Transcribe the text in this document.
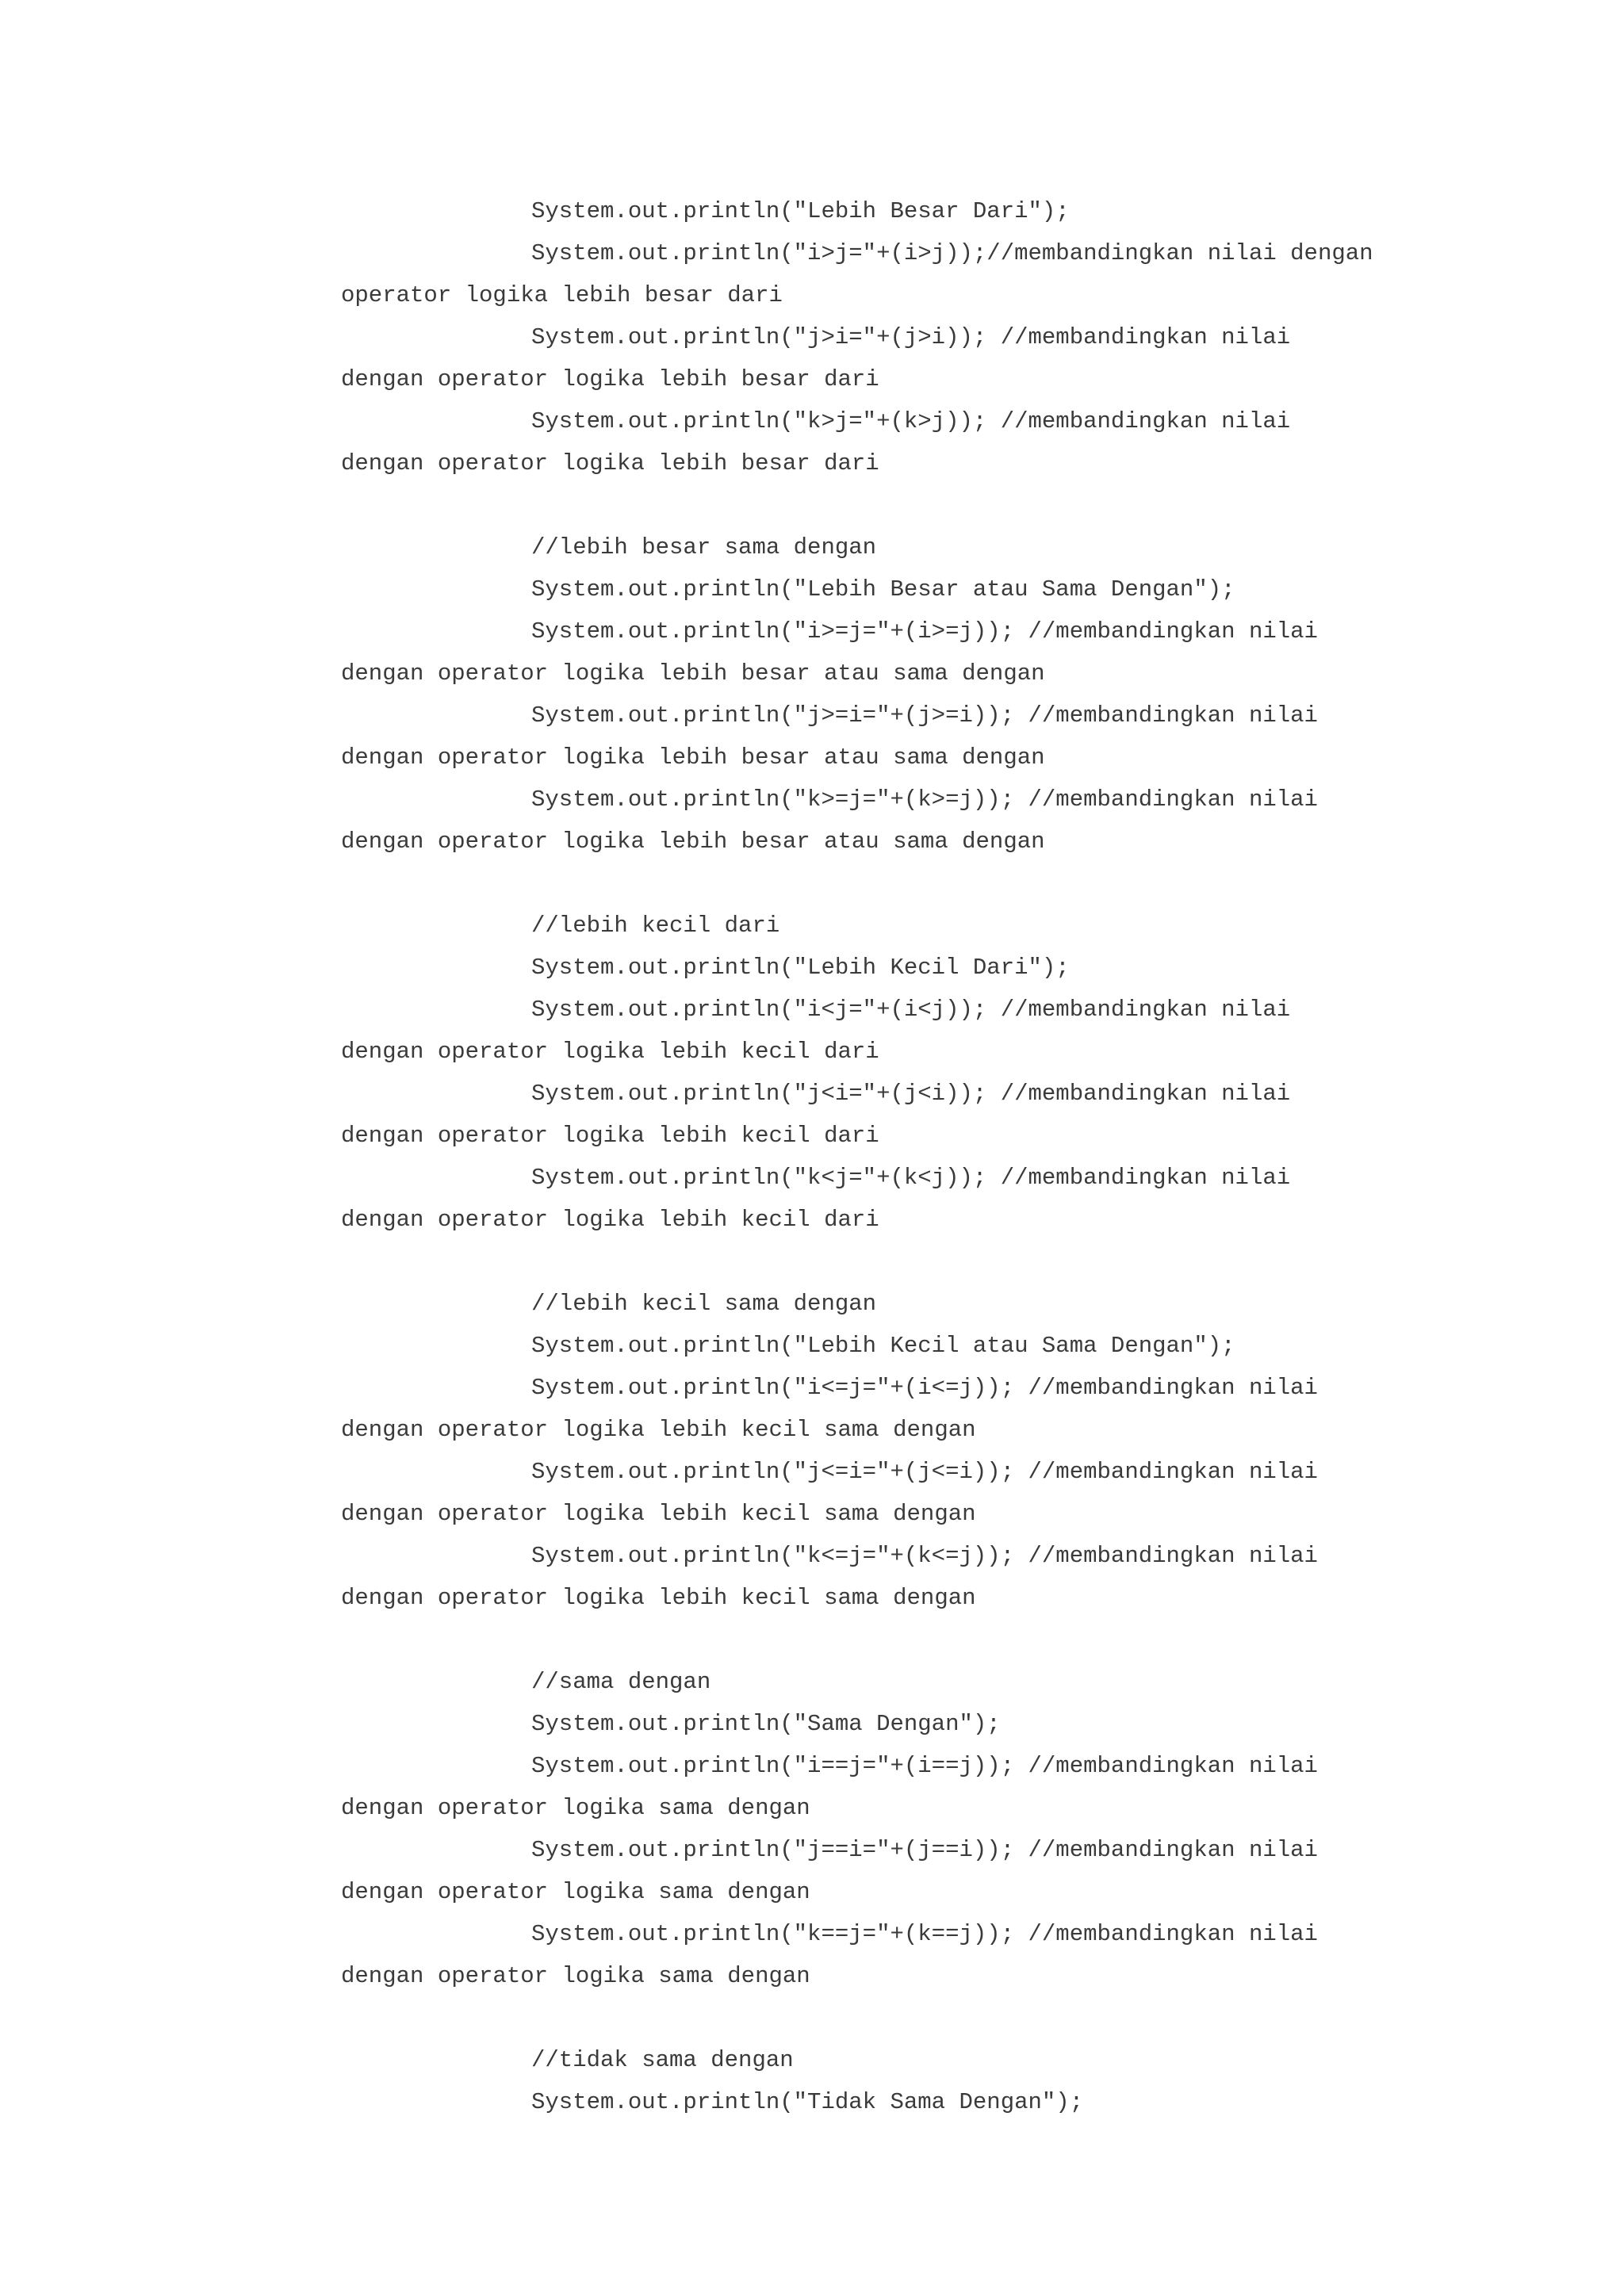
System.out.println("Lebih Besar Dari");
System.out.println("i>j="+(i>j));//membandingkan nilai dengan
operator logika lebih besar dari
System.out.println("j>i="+(j>i)); //membandingkan nilai
dengan operator logika lebih besar dari
System.out.println("k>j="+(k>j)); //membandingkan nilai
dengan operator logika lebih besar dari
//lebih besar sama dengan
System.out.println("Lebih Besar atau Sama Dengan");
System.out.println("i>=j="+(i>=j)); //membandingkan nilai
dengan operator logika lebih besar atau sama dengan
System.out.println("j>=i="+(j>=i)); //membandingkan nilai
dengan operator logika lebih besar atau sama dengan
System.out.println("k>=j="+(k>=j)); //membandingkan nilai
dengan operator logika lebih besar atau sama dengan
//lebih kecil dari
System.out.println("Lebih Kecil Dari");
System.out.println("i<j="+(i<j)); //membandingkan nilai
dengan operator logika lebih kecil dari
System.out.println("j<i="+(j<i)); //membandingkan nilai
dengan operator logika lebih kecil dari
System.out.println("k<j="+(k<j)); //membandingkan nilai
dengan operator logika lebih kecil dari
//lebih kecil sama dengan
System.out.println("Lebih Kecil atau Sama Dengan");
System.out.println("i<=j="+(i<=j)); //membandingkan nilai
dengan operator logika lebih kecil sama dengan
System.out.println("j<=i="+(j<=i)); //membandingkan nilai
dengan operator logika lebih kecil sama dengan
System.out.println("k<=j="+(k<=j)); //membandingkan nilai
dengan operator logika lebih kecil sama dengan
//sama dengan
System.out.println("Sama Dengan");
System.out.println("i==j="+(i==j)); //membandingkan nilai
dengan operator logika sama dengan
System.out.println("j==i="+(j==i)); //membandingkan nilai
dengan operator logika sama dengan
System.out.println("k==j="+(k==j)); //membandingkan nilai
dengan operator logika sama dengan
//tidak sama dengan
System.out.println("Tidak Sama Dengan");
